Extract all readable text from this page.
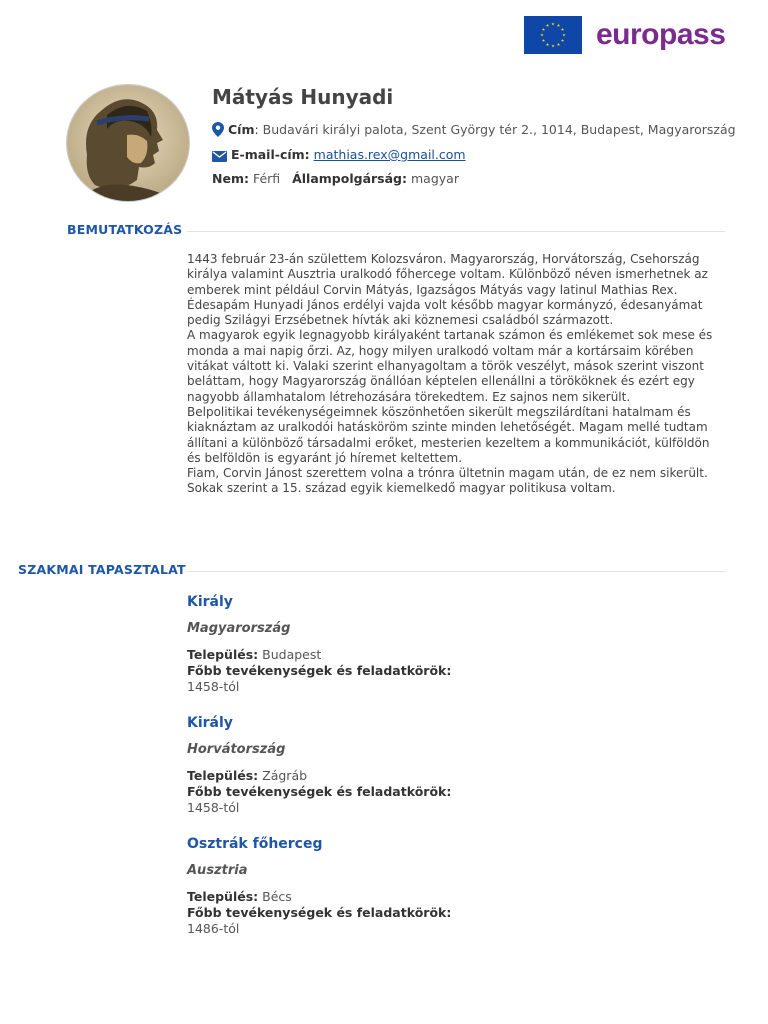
europass
Mátyás Hunyadi
Cím: Budavári királyi palota, Szent György tér 2., 1014, Budapest, Magyarország
E-mail-cím: mathias.rex@gmail.com
Nem: Férfi Állampolgárság: magyar
BEMUTATKOZÁS

1443 február 23-án születtem Kolozsváron. Magyarország, Horvátország, Csehország királya valamint Ausztria uralkodó főhercege voltam. Különböző néven ismerhetnek az emberek mint például Corvin Mátyás, Igazságos Mátyás vagy latinul Mathias Rex. Édesapám Hunyadi János erdélyi vajda volt később magyar kormányzó, édesanyámat pedig Szilágyi Erzsébetnek hívták aki köznemesi családból származott.

A magyarok egyik legnagyobb királyaként tartanak számon és emlékemet sok mese és monda a mai napig őrzi. Az, hogy milyen uralkodó voltam már a kortársaim körében vitákat váltott ki. Valaki szerint elhanyagoltam a török veszélyt, mások szerint viszont beláttam, hogy Magyarország önállóan képtelen ellenállni a törököknek és ezért egy nagyobb államhatalom létrehozására törekedtem. Ez sajnos nem sikerült.

Belpolitikai tevékenységeimnek köszönhetően sikerült megszilárdítani hatalmam és kiaknáztam az uralkodói hatásköröm szinte minden lehetőségét. Magam mellé tudtam állítani a különböző társadalmi erőket, mesterien kezeltem a kommunikációt, külföldön és belföldön is egyaránt jó híremet keltettem.

Fiam, Corvin Jánost szerettem volna a trónra ültetnin magam után, de ez nem sikerült. Sokak szerint a 15. század egyik kiemelkedő magyar politikusa voltam.

SZAKMAI TAPASZTALAT
Király
Magyarország
Település: Budapest
Főbb tevékenységek és feladatkörök:
1458-tól
Király
Horvátország
Település: Zágráb
Főbb tevékenységek és feladatkörök:
1458-tól
Osztrák főherceg
Ausztria
Település: Bécs
Főbb tevékenységek és feladatkörök:
1486-tól
